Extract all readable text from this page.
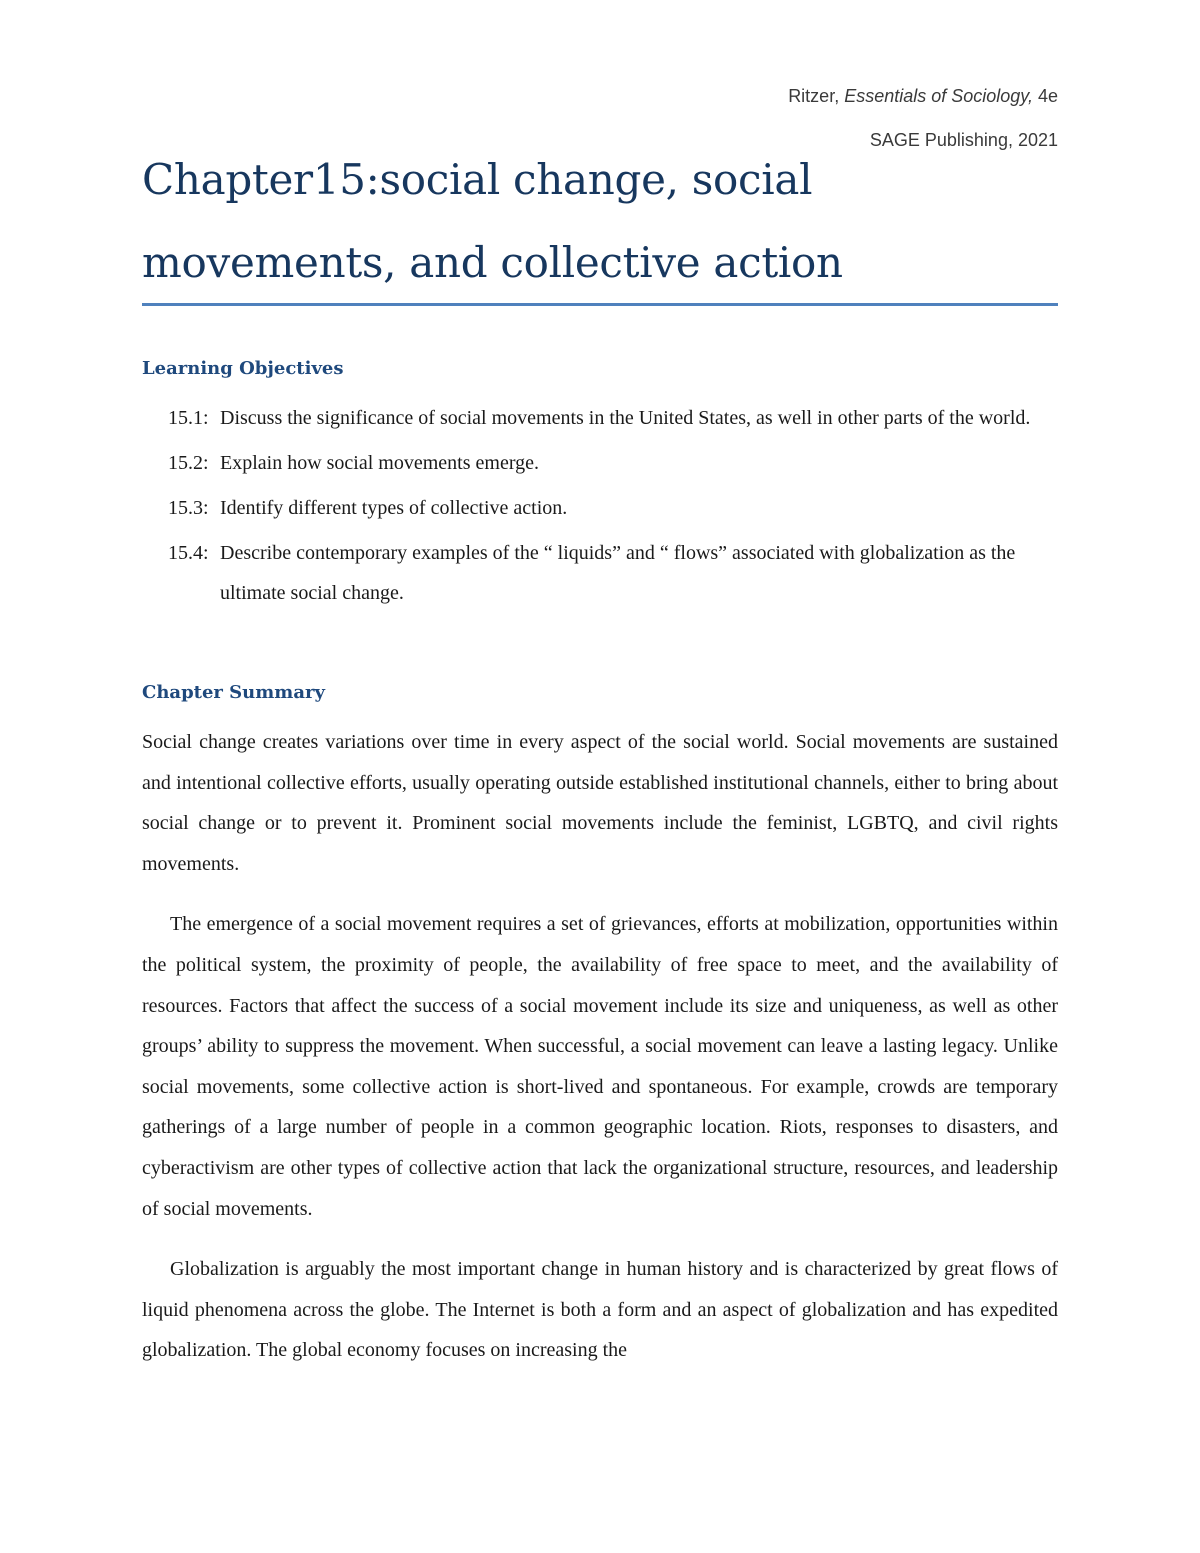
Ritzer, Essentials of Sociology, 4e
SAGE Publishing, 2021
Chapter15:social change, social
movements, and collective action
Learning Objectives
15.1: Discuss the significance of social movements in the United States, as well in other parts of the world.
15.2: Explain how social movements emerge.
15.3: Identify different types of collective action.
15.4: Describe contemporary examples of the “ liquids” and “ flows” associated with globalization as the ultimate social change.
Chapter Summary

Social change creates variations over time in every aspect of the social world. Social movements are sustained and intentional collective efforts, usually operating outside established institutional channels, either to bring about social change or to prevent it. Prominent social movements include the feminist, LGBTQ, and civil rights movements.

The emergence of a social movement requires a set of grievances, efforts at mobilization, opportunities within the political system, the proximity of people, the availability of free space to meet, and the availability of resources. Factors that affect the success of a social movement include its size and uniqueness, as well as other groups’ ability to suppress the movement. When successful, a social movement can leave a lasting legacy. Unlike social movements, some collective action is short-lived and spontaneous. For example, crowds are temporary gatherings of a large number of people in a common geographic location. Riots, responses to disasters, and cyberactivism are other types of collective action that lack the organizational structure, resources, and leadership of social movements.

Globalization is arguably the most important change in human history and is characterized by great flows of liquid phenomena across the globe. The Internet is both a form and an aspect of globalization and has expedited globalization. The global economy focuses on increasing the
